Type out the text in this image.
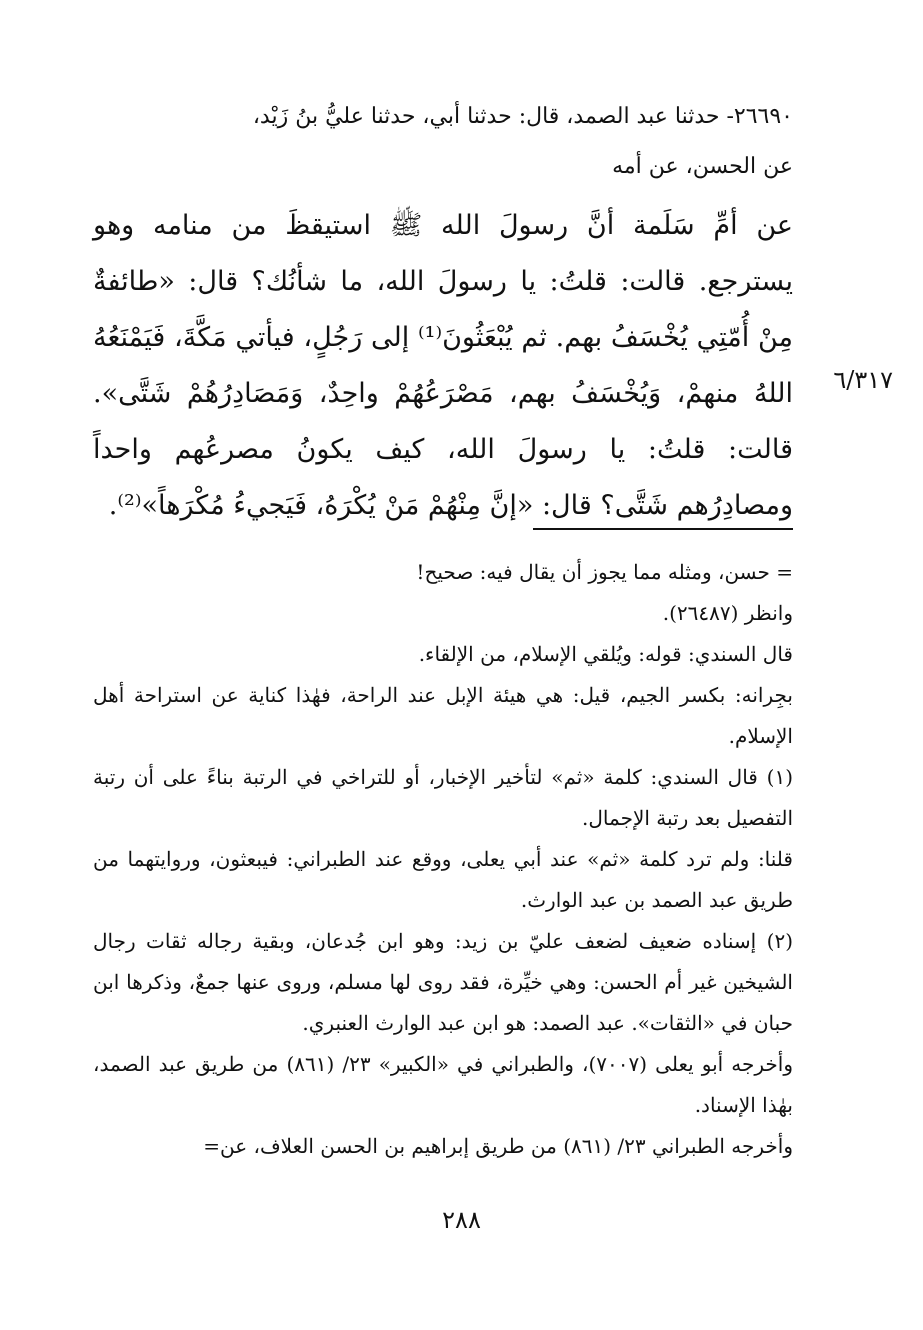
٢٦٦٩٠- حدثنا عبد الصمد، قال: حدثنا أبي، حدثنا عليُّ بنُ زَيْد،
عن الحسن، عن أمه

عن أمِّ سَلَمة أنَّ رسولَ الله ﷺ استيقظَ من منامه وهو يسترجع. قالت: قلتُ: يا رسولَ الله، ما شأنُك؟ قال: «طائفةٌ مِنْ أُمّتِي يُخْسَفُ بهم. ثم يُبْعَثُونَ⁽¹⁾ إلى رَجُلٍ، فيأتي مَكَّةَ، فَيَمْنَعُهُ اللهُ منهمْ، وَيُخْسَفُ بهم، مَصْرَعُهُمْ واحِدٌ، وَمَصَادِرُهُمْ شَتَّى». قالت: قلتُ: يا رسولَ الله، كيف يكونُ مصرعُهم واحداً ومصادِرُهم شَتَّى؟ قال: «إنَّ مِنْهُمْ مَنْ يُكْرَهُ، فَيَجيءُ مُكْرَهاً»⁽²⁾.

٦/٣١٧

= حسن، ومثله مما يجوز أن يقال فيه: صحيح!

وانظر (٢٦٤٨٧).

قال السندي: قوله: ويُلقي الإسلام، من الإلقاء.

بجِرانه: بكسر الجيم، قيل: هي هيئة الإبل عند الراحة، فهٰذا كناية عن استراحة أهل الإسلام.

(١) قال السندي: كلمة «ثم» لتأخير الإخبار، أو للتراخي في الرتبة بناءً على أن رتبة التفصيل بعد رتبة الإجمال.

قلنا: ولم ترد كلمة «ثم» عند أبي يعلى، ووقع عند الطبراني: فيبعثون، وروايتهما من طريق عبد الصمد بن عبد الوارث.

(٢) إسناده ضعيف لضعف عليّ بن زيد: وهو ابن جُدعان، وبقية رجاله ثقات رجال الشيخين غير أم الحسن: وهي خيِّرة، فقد روى لها مسلم، وروى عنها جمعٌ، وذكرها ابن حبان في «الثقات». عبد الصمد: هو ابن عبد الوارث العنبري.

وأخرجه أبو يعلى (٧٠٠٧)، والطبراني في «الكبير» ٢٣/ (٨٦١) من طريق عبد الصمد، بهٰذا الإسناد.

وأخرجه الطبراني ٢٣/ (٨٦١) من طريق إبراهيم بن الحسن العلاف، عن=

٢٨٨
